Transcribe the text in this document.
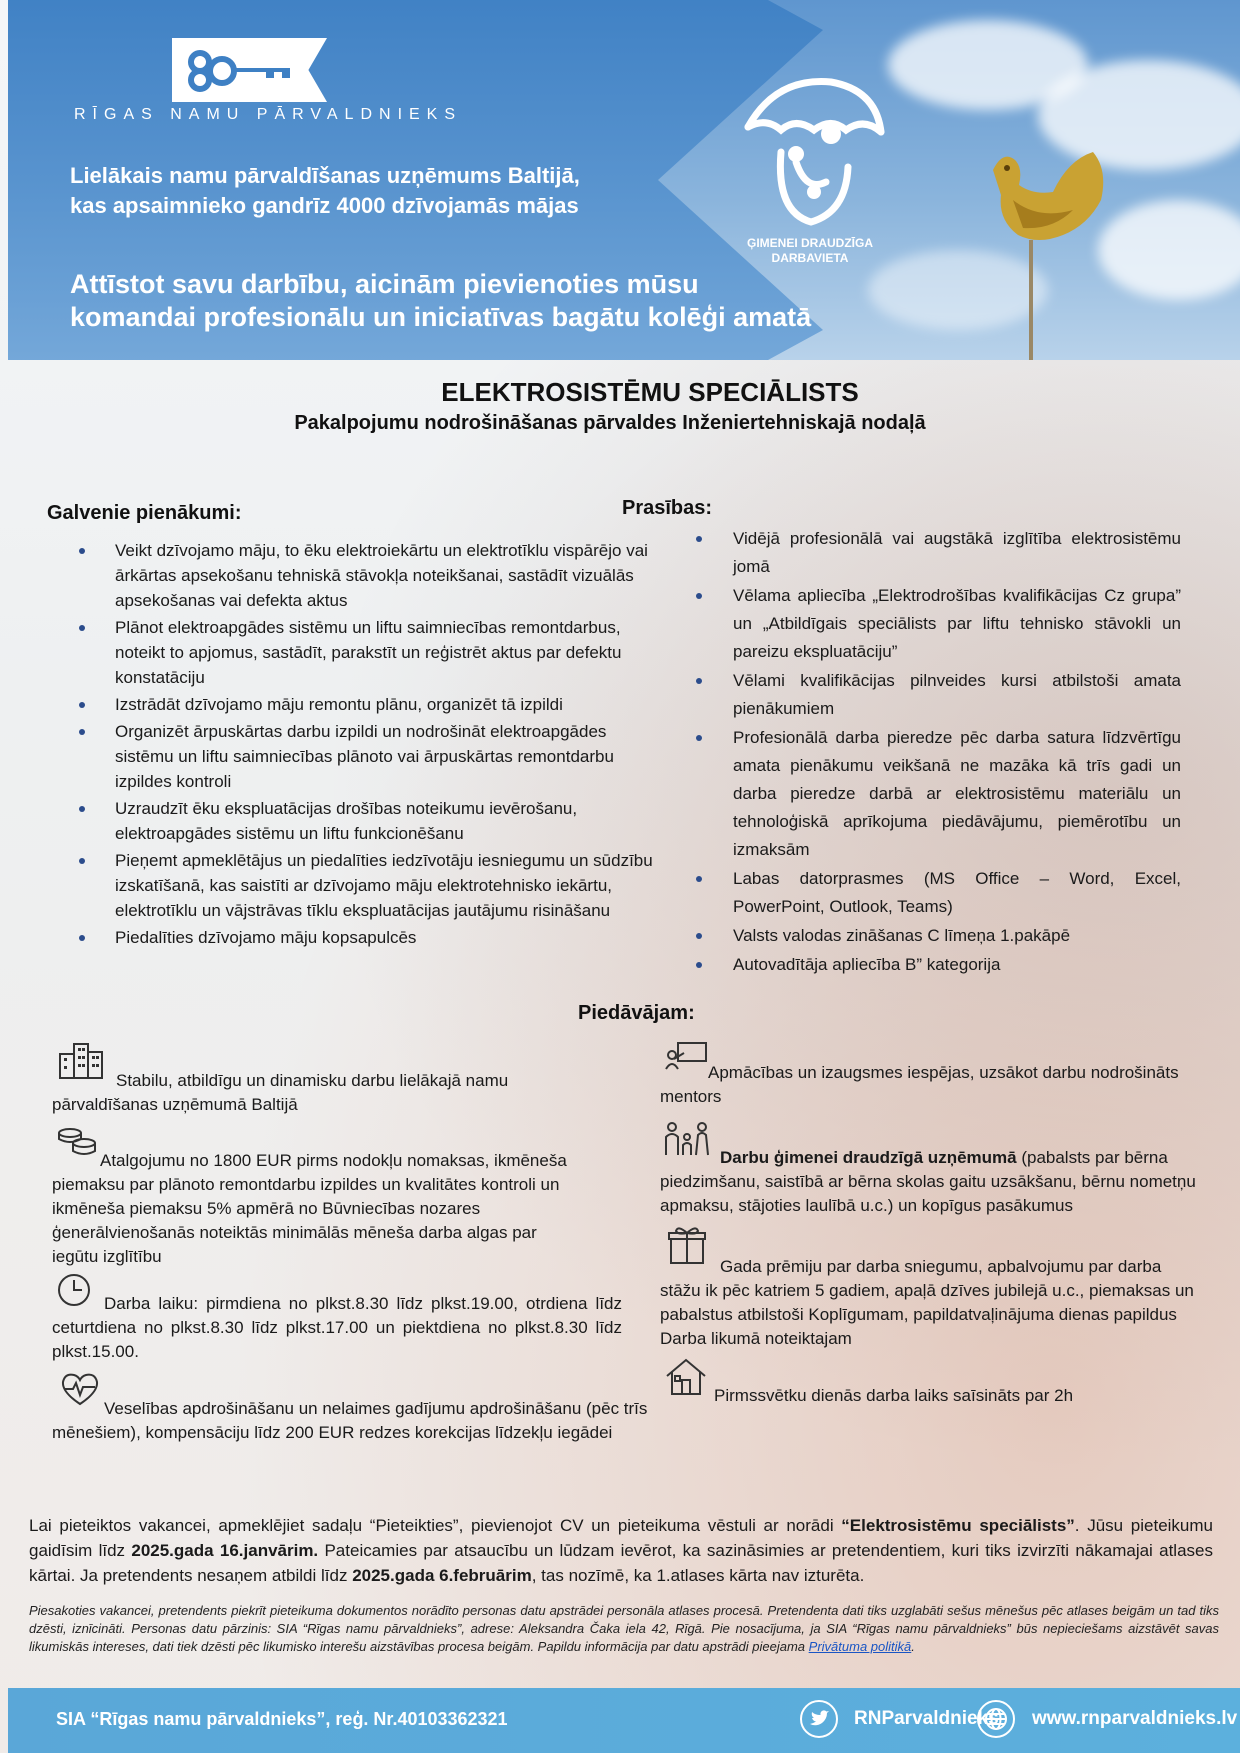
RĪGAS NAMU PĀRVALDNIEKS
Lielākais namu pārvaldīšanas uzņēmums Baltijā,
kas apsaimnieko gandrīz 4000 dzīvojamās mājas
Attīstot savu darbību, aicinām pievienoties mūsu
komandai profesionālu un iniciatīvas bagātu kolēģi amatā
ĢIMENEI DRAUDZĪGA
DARBAVIETA
ELEKTROSISTĒMU SPECIĀLISTS
Pakalpojumu nodrošināšanas pārvaldes Inženiertehniskajā nodaļā
Galvenie pienākumi:
Veikt dzīvojamo māju, to ēku elektroiekārtu un elektrotīklu vispārējo vai ārkārtas apsekošanu tehniskā stāvokļa noteikšanai, sastādīt vizuālās apsekošanas vai defekta aktus
Plānot elektroapgādes sistēmu un liftu saimniecības remontdarbus, noteikt to apjomus, sastādīt, parakstīt un reģistrēt aktus par defektu konstatāciju
Izstrādāt dzīvojamo māju remontu plānu, organizēt tā izpildi
Organizēt ārpuskārtas darbu izpildi un nodrošināt elektroapgādes sistēmu un liftu saimniecības plānoto vai ārpuskārtas remontdarbu izpildes kontroli
Uzraudzīt ēku ekspluatācijas drošības noteikumu ievērošanu, elektroapgādes sistēmu un liftu funkcionēšanu
Pieņemt apmeklētājus un piedalīties iedzīvotāju iesniegumu un sūdzību izskatīšanā, kas saistīti ar dzīvojamo māju elektrotehnisko iekārtu, elektrotīklu un vājstrāvas tīklu ekspluatācijas jautājumu risināšanu
Piedalīties dzīvojamo māju kopsapulcēs
Prasības:
Vidējā profesionālā vai augstākā izglītība elektrosistēmu jomā
Vēlama apliecība „Elektrodrošības kvalifikācijas Cz grupa” un „Atbildīgais speciālists par liftu tehnisko stāvokli un pareizu ekspluatāciju”
Vēlami kvalifikācijas pilnveides kursi atbilstoši amata pienākumiem
Profesionālā darba pieredze pēc darba satura līdzvērtīgu amata pienākumu veikšanā ne mazāka kā trīs gadi un darba pieredze darbā ar elektrosistēmu materiālu un tehnoloģiskā aprīkojuma piedāvājumu, piemērotību un izmaksām
Labas datorprasmes (MS Office – Word, Excel, PowerPoint, Outlook, Teams)
Valsts valodas zināšanas C līmeņa 1.pakāpē
Autovadītāja apliecība B” kategorija
Piedāvājam:
Stabilu, atbildīgu un dinamisku darbu lielākajā namu pārvaldīšanas uzņēmumā Baltijā
Atalgojumu no 1800 EUR pirms nodokļu nomaksas, ikmēneša piemaksu par plānoto remontdarbu izpildes un kvalitātes kontroli un ikmēneša piemaksu 5% apmērā no Būvniecības nozares ģenerālvienošanās noteiktās minimālās mēneša darba algas par iegūtu izglītību
Darba laiku: pirmdiena no plkst.8.30 līdz plkst.19.00, otrdiena līdz ceturtdiena no plkst.8.30 līdz plkst.17.00 un piektdiena no plkst.8.30 līdz plkst.15.00.
Veselības apdrošināšanu un nelaimes gadījumu apdrošināšanu (pēc trīs mēnešiem), kompensāciju līdz 200 EUR redzes korekcijas līdzekļu iegādei
Apmācības un izaugsmes iespējas, uzsākot darbu nodrošināts mentors
Darbu ģimenei draudzīgā uzņēmumā (pabalsts par bērna piedzimšanu, saistībā ar bērna skolas gaitu uzsākšanu, bērnu nometņu apmaksu, stājoties laulībā u.c.) un kopīgus pasākumus
Gada prēmiju par darba sniegumu, apbalvojumu par darba stāžu ik pēc katriem 5 gadiem, apaļā dzīves jubilejā u.c., piemaksas un pabalstus atbilstoši Koplīgumam, papildatvaļinājuma dienas papildus Darba likumā noteiktajam
Pirmssvētku dienās darba laiks saīsināts par 2h
Lai pieteiktos vakancei, apmeklējiet sadaļu “Pieteikties”, pievienojot CV un pieteikuma vēstuli ar norādi “Elektrosistēmu speciālists”. Jūsu pieteikumu gaidīsim līdz 2025.gada 16.janvārim. Pateicamies par atsaucību un lūdzam ievērot, ka sazināsimies ar pretendentiem, kuri tiks izvirzīti nākamajai atlases kārtai. Ja pretendents nesaņem atbildi līdz 2025.gada 6.februārim, tas nozīmē, ka 1.atlases kārta nav izturēta.
Piesakoties vakancei, pretendents piekrīt pieteikuma dokumentos norādīto personas datu apstrādei personāla atlases procesā. Pretendenta dati tiks uzglabāti sešus mēnešus pēc atlases beigām un tad tiks dzēsti, iznīcināti. Personas datu pārzinis: SIA “Rīgas namu pārvaldnieks”, adrese: Aleksandra Čaka iela 42, Rīgā. Pie nosacījuma, ja SIA “Rīgas namu pārvaldnieks” būs nepieciešams aizstāvēt savas likumiskās intereses, dati tiek dzēsti pēc likumisko interešu aizstāvības procesa beigām. Papildu informācija par datu apstrādi pieejama Privātuma politikā.
SIA “Rīgas namu pārvaldnieks”, reģ. Nr.40103362321	RNParvaldnieks www.rnparvaldnieks.lv
